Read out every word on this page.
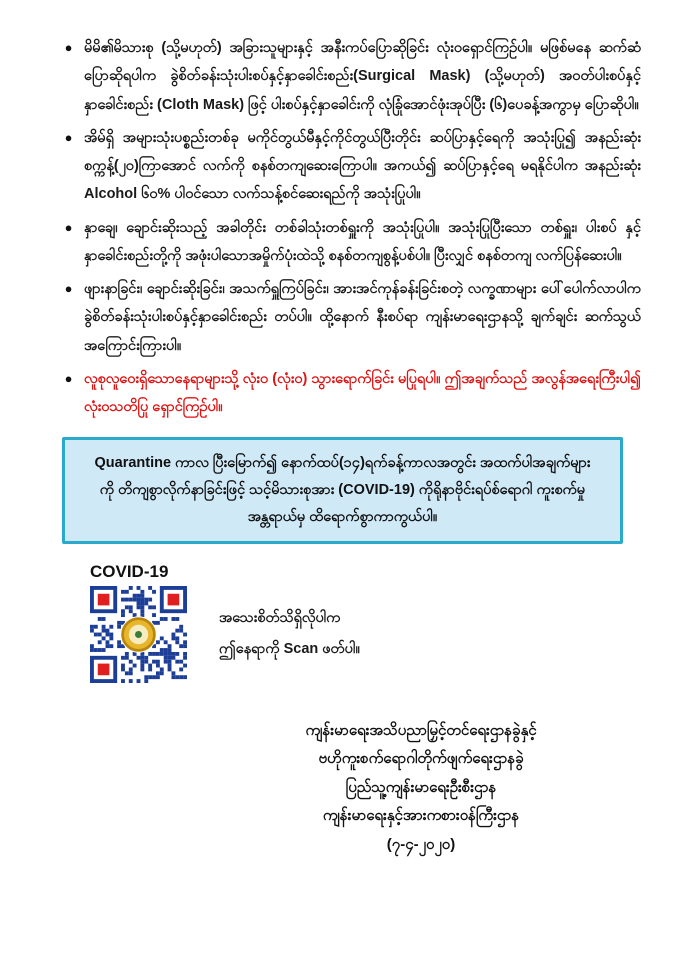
● မိမိ၏မိသားစု (သို့မဟုတ်) အခြားသူများနှင့် အနီးကပ်ပြောဆိုခြင်း လုံးဝရှောင်ကြဉ်ပါ။ မဖြစ်မနေ ဆက်ဆံပြောဆိုရပါက ခွဲစိတ်ခန်းသုံးပါးစပ်နှင့်နှာခေါင်းစည်း(Surgical Mask) (သို့မဟုတ်) အဝတ်ပါးစပ်နှင့်နှာခေါင်းစည်း (Cloth Mask) ဖြင့် ပါးစပ်နှင့်နှာခေါင်းကို လုံခြုံအောင်ဖုံးအုပ်ပြီး (၆)ပေခန့်အကွာမှ ပြောဆိုပါ။
● အိမ်ရှိ အများသုံးပစ္စည်းတစ်ခု မကိုင်တွယ်မီနှင့်ကိုင်တွယ်ပြီးတိုင်း ဆပ်ပြာနှင့်ရေကို အသုံးပြု၍ အနည်းဆုံး စက္ကန့်(၂၀)ကြာအောင် လက်ကို စနစ်တကျဆေးကြောပါ။ အကယ်၍ ဆပ်ပြာနှင့်ရေ မရနိုင်ပါက အနည်းဆုံး Alcohol ၆၀% ပါဝင်သော လက်သန့်စင်ဆေးရည်ကို အသုံးပြုပါ။
● နှာချေ၊ ချောင်းဆိုးသည့် အခါတိုင်း တစ်ခါသုံးတစ်ရှူးကို အသုံးပြုပါ။ အသုံးပြုပြီးသော တစ်ရှူး၊ ပါးစပ် နှင့် နှာခေါင်းစည်းတို့ကို အဖုံးပါသောအမှိုက်ပုံးထဲသို့ စနစ်တကျစွန့်ပစ်ပါ။ ပြီးလျှင် စနစ်တကျ လက်ပြန်ဆေးပါ။
● ဖျားနာခြင်း၊ ချောင်းဆိုးခြင်း၊ အသက်ရှူကြပ်ခြင်း၊ အားအင်ကုန်ခန်းခြင်းစတဲ့ လက္ခဏာများ ပေါ်ပေါက်လာပါက ခွဲစိတ်ခန်းသုံးပါးစပ်နှင့်နှာခေါင်းစည်း တပ်ပါ။ ထို့နောက် နီးစပ်ရာ ကျန်းမာရေးဌာနသို့ ချက်ချင်း ဆက်သွယ်အကြောင်းကြားပါ။
● လူစုလူဝေးရှိသောနေရာများသို့ လုံးဝ (လုံးဝ) သွားရောက်ခြင်း မပြုရပါ။ ဤအချက်သည် အလွန်အရေးကြီးပါ၍ လုံးဝသတိပြု ရှောင်ကြဉ်ပါ။
Quarantine ကာလ ပြီးမြောက်၍ နောက်ထပ်(၁၄)ရက်ခန့်ကာလအတွင်း အထက်ပါအချက်များကို တိကျစွာလိုက်နာခြင်းဖြင့် သင့်မိသားစုအား (COVID-19) ကိုရိုနာဗိုင်းရပ်စ်ရောဂါ ကူးစက်မှုအန္တရာယ်မှ ထိရောက်စွာကာကွယ်ပါ။
COVID-19
အသေးစိတ်သိရှိလိုပါက
ဤနေရာကို Scan ဖတ်ပါ။
ကျန်းမာရေးအသိပညာမြှင့်တင်ရေးဌာနခွဲနှင့်
ဗဟိုကူးစက်ရောဂါတိုက်ဖျက်ရေးဌာနခွဲ
ပြည်သူ့ကျန်းမာရေးဦးစီးဌာန
ကျန်းမာရေးနှင့်အားကစားဝန်ကြီးဌာန
(၇-၄-၂၀၂၀)
